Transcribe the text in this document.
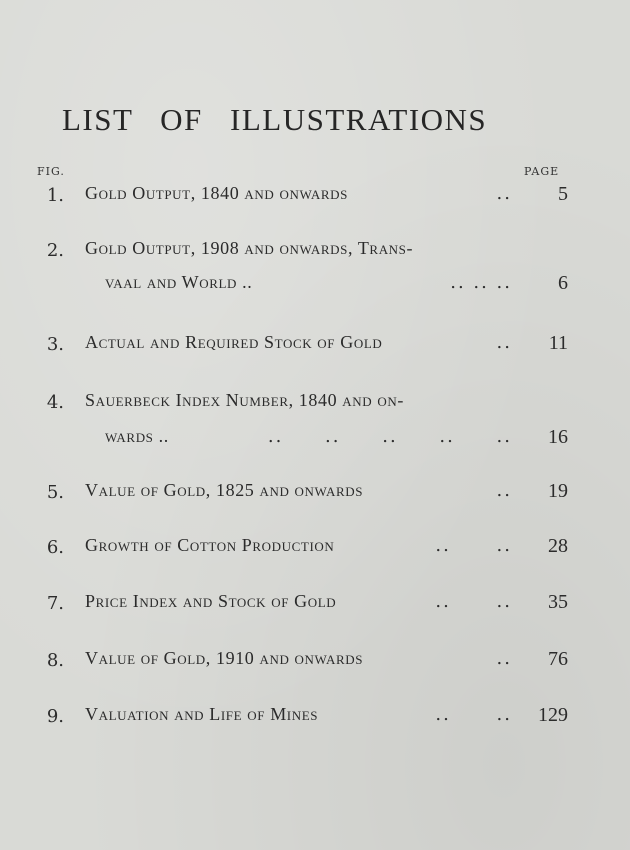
LIST OF ILLUSTRATIONS
FIG.	PAGE
1. Gold Output, 1840 and onwards	.. 5
2. Gold Output, 1908 and onwards, Trans-
vaal and World ..	.. .. .. 6
3. Actual and Required Stock of Gold	.. 11
4. Sauerbeck Index Number, 1840 and on-
wards ..	.. .. .. .. .. 16
5. Value of Gold, 1825 and onwards	.. 19
6. Growth of Cotton Production	.. .. 28
7. Price Index and Stock of Gold	.. .. 35
8. Value of Gold, 1910 and onwards	.. 76
9. Valuation and Life of Mines	.. .. 129
